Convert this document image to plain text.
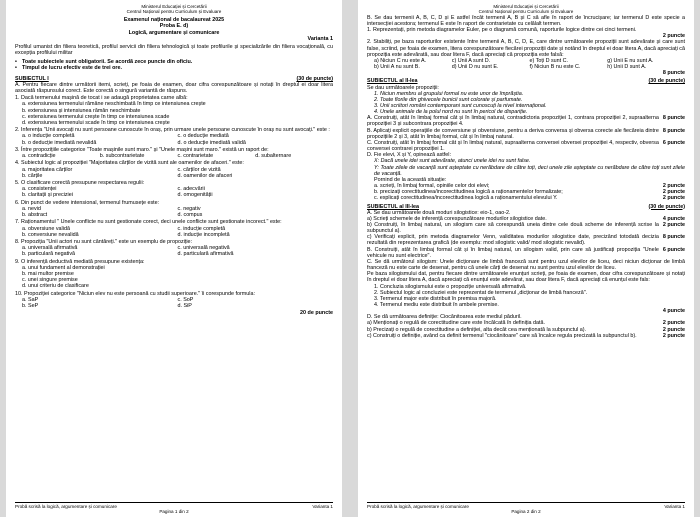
Ministerul Educației și Cercetării
Centrul Național pentru Curriculum și Evaluare
Examenul național de bacalaureat 2025
Proba E. d)
Logică, argumentare și comunicare
Varianta 1

Profilul umanist din filiera teoretică, profilul servicii din filiera tehnologică și toate profilurile și specializările din filiera vocațională, cu excepția profilului militar

• Toate subiectele sunt obligatorii. Se acordă zece puncte din oficiu.
• Timpul de lucru efectiv este de trei ore.
SUBIECTUL I	(30 de puncte)

A. Pentru fiecare dintre următorii itemi, scrieți, pe foaia de examen, doar cifra corespunzătoare și notați în dreptul ei doar litera asociată răspunsului corect. Este corectă o singură variantă de răspuns.

1. Dacă termenului mașină de tocat i se adaugă proprietatea carne albă:

a. extensiunea termenului rămâne neschimbată în timp ce intensiunea crește
b. extensiunea și intensiunea rămân neschimbate
c. extensiunea termenului crește în timp ce intensiunea scade
d. extensiunea termenului scade în timp ce intensiunea crește

2. Inferența "Unii avocați nu sunt persoane cunoscute în oraș, prin urmare unele persoane cunoscute în oraș nu sunt avocați." este :

a. o inducție completă	c. o deducție mediată
b. o deducție imediată nevalidă	d. o deducție imediată validă

3. Între propozițiile categorice "Toate mașinile sunt maro." și "Unele mașini sunt maro." există un raport de:

a. contradicție	b. subcontrarietate	c. contrarietate	d. subalternare

4. Subiectul logic al propoziției "Majoritatea cărților de vizită sunt ale oamenilor de afaceri." este:

a. majoritatea cărților	c. cărților de vizită
b. cărțile	d. oamenilor de afaceri

5. O clasificare corectă presupune respectarea regulii:

a. consistenței	c. adecvării
b. claritații și preciziei	d. omogenității

6. Din punct de vedere intensional, termenul frumusețe este:

a. nevid	c. negativ
b. abstract	d. compus

7. Raționamentul " Unele conflicte nu sunt gestionate corect, deci unele conflicte sunt gestionate incorect." este:

a. obversiune validă	c. inducție completă
b. conversiune nevalidă	d. inducție incompletă

8. Propoziția "Unii actori nu sunt cântăreți." este un exemplu de propoziție:

a. universală afirmativă	c. universală negativă
b. particulară negativă	d. particulară afirmativă

9. O inferență deductivă mediată presupune existența:

a. unui fundament al demonstrației
b. mai multor premise
c. unei singure premise
d. unui criteriu de clasificare

10. Propoziției categorice "Niciun elev nu este persoană cu studii superioare." îi corespunde formula:

a. SaP	c. SoP
b. SeP	d. SiP
20 de puncte
Probă scrisă la logică, argumentare și comunicare	Varianta 1
Pagina 1 din 2
Ministerul Educației și Cercetării
Centrul Național pentru Curriculum și Evaluare

B. Se dau termenii A, B, C, D și E astfel încât termenii A, B și C să afle în raport de încrucișare; iar termenul D este specie a intersecției acestora; termenul E este în raport de contrarietate cu celălalt termen.

1. Reprezentați, prin metoda diagramelor Euler, pe o diagramă comună, raporturile logice dintre cei cinci termeni.
2 puncte

2. Stabiliți, pe baza raporturilor existente între termenii A, B, C, D, E, care dintre următoarele propoziții sunt adevărate și care sunt false, scriind, pe foaia de examen, litera corespunzătoare fiecărei propoziții date și notând în dreptul ei doar litera A, dacă apreciați că propoziția este adevărată, sau doar litera F, dacă apreciați că propoziția este falsă:

a) Niciun C nu este A.	c) Unii A sunt D.	e) Toți D sunt C.	g) Unii E nu sunt A.
b) Unii A nu sunt B.	d) Unii D nu sunt E.	f) Niciun B nu este C.	h) Unii D sunt A.
8 puncte
SUBIECTUL al II-lea	(30 de puncte)

Se dau următoarele propoziții:

1. Niciun membru al grupului formal nu este unor de împrăștia.
2. Toate florile din ghivecele bunicii sunt colorate și parfumate.
3. Unii scriitori români contemporani sunt cunoscuți la nivel internațional.
4. Unele animale de la polul nord nu sunt în pericol de dispariție.
A. Construiți, atât în limbaj formal cât și în limbaj natural, contradictoria propoziției 1, contrara propoziției 2, supraalterna propoziției 3 și subcontrara propoziției 4.
8 puncte
B. Aplicați explicit operațiile de conversiune și obversiune, pentru a deriva conversa și obversa corecte ale fiecăreia dintre propozițiile 2 și 3, atât în limbaj formal, cât și în limbaj natural.
8 puncte
C. Construiți, atât în limbaj formal cât și în limbaj natural, supraalterna conversei obversei propoziției 4, respectiv, obversa conversei contrarei propoziției 1.
6 puncte
D. Fie elevi, X și Y, opinează astfel:

X: Dacă unele idei sunt adevărate, atunci unele idei nu sunt false.

Y: Toate zilele de vacanță sunt așteptate cu nerăbdare de către toți, deci unele zile așteptate cu nerăbdare de către toți sunt zilele de vacanță.

Pornind de la aceastǎ situație:

a. scrieți, în limbaj formal, opiniile celor doi elevi;	2 puncte
b. precizați corectitudinea/incorectitudinea logică a raționamentelor formalizate;	2 puncte
c. explicați corectitudinea/incorectitudinea logică a raționamentului elevului Y.	2 puncte
SUBIECTUL al III-lea	(30 de puncte)

A. Se dau următoarele două moduri silogistice: eio-1, oao-2.

a) Scrieți schemele de inferență corespunzătoare modurilor silogistice date.	4 puncte
b) Construiți, în limbaj natural, un silogism care să corespundă uneia dintre cele două scheme de inferență scrise la subpunctul a).
2 puncte
c) Verificați explicit, prin metoda diagramelor Venn, validitatea modurilor silogistice date, precizând totodată decizia rezultată din reprezentarea grafică (de exemplu: mod silogistic valid/ mod silogistic nevalid).
8 puncte
B. Construiți, atât în limbaj formal cât și în limbaj natural, un silogism valid, prin care să justificați propoziția "Unele vehicule nu sunt electrice".
6 puncte
C. Se dă următorul silogism: Unele dicționare de limbă franceză sunt pentru uzul elevilor de liceu, deci niciun dicționar de limbă franceză nu este carte de desenat, pentru că unele cărți de desenat nu sunt pentru uzul elevilor de liceu.

Pe baza silogismului dat, pentru fiecare dintre următoarele enunțuri scrieți, pe foaia de examen, doar cifra corespunzătoare și notați în dreptul ei doar litera A, dacă apreciați că enunțul este adevărat, sau doar litera F, dacă apreciați că enunțul este fals:

1. Concluzia silogismului este o propoziție universală afirmativă.
2. Subiectul logic al concluziei este reprezentat de termenul „dicționar de limbă franceză".
3. Termenul major este distribuit în premisa majoră.
4. Termenul mediu este distribuit în ambele premise.
4 puncte

D. Se dă următoarea definiție: Ciocănitoarea este mediul păduril.

a) Menționați o regulă de corectitudine care este încălcată în definiția dată.	2 puncte
b) Precizați o regulă de corectitudine a definiției, alta decât cea menționată la subpunctul a).	2 puncte
c) Construiți o definiție, având ca definit termenul "ciocănitoare" care să încalce regula precizată la subpunctul b).	2 puncte
Probă scrisă la logică, argumentare și comunicare	Varianta 1
Pagina 2 din 2
